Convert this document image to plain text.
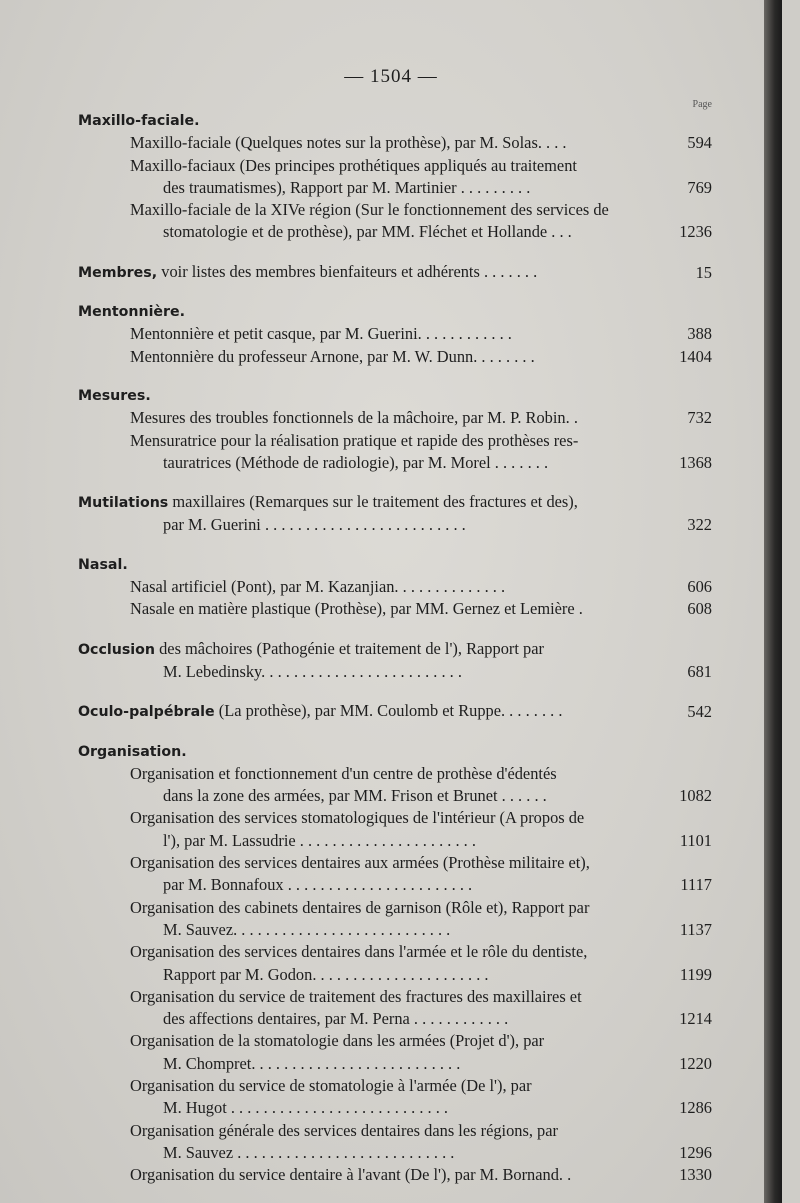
— 1504 —
Page
Maxillo-faciale.
Maxillo-faciale (Quelques notes sur la prothèse), par M. Solas. . . .	594
Maxillo-faciaux (Des principes prothétiques appliqués au traitement
des traumatismes), Rapport par M. Martinier . . . . . . . . .	769
Maxillo-faciale de la XIVe région (Sur le fonctionnement des services de
stomatologie et de prothèse), par MM. Fléchet et Hollande . . .	1236
Membres, voir listes des membres bienfaiteurs et adhérents . . . . . . .	15
Mentonnière.
Mentonnière et petit casque, par M. Guerini. . . . . . . . . . . .	388
Mentonnière du professeur Arnone, par M. W. Dunn. . . . . . . .	1404
Mesures.
Mesures des troubles fonctionnels de la mâchoire, par M. P. Robin. .	732
Mensuratrice pour la réalisation pratique et rapide des prothèses res-
tauratrices (Méthode de radiologie), par M. Morel . . . . . . .	1368
Mutilations maxillaires (Remarques sur le traitement des fractures et des),
par M. Guerini . . . . . . . . . . . . . . . . . . . . . . . . .	322
Nasal.
Nasal artificiel (Pont), par M. Kazanjian. . . . . . . . . . . . . .	606
Nasale en matière plastique (Prothèse), par MM. Gernez et Lemière .	608
Occlusion des mâchoires (Pathogénie et traitement de l'), Rapport par
M. Lebedinsky. . . . . . . . . . . . . . . . . . . . . . . . .	681
Oculo-palpébrale (La prothèse), par MM. Coulomb et Ruppe. . . . . . . .	542
Organisation.
Organisation et fonctionnement d'un centre de prothèse d'édentés
dans la zone des armées, par MM. Frison et Brunet . . . . . .	1082
Organisation des services stomatologiques de l'intérieur (A propos de
l'), par M. Lassudrie . . . . . . . . . . . . . . . . . . . . . .	1101
Organisation des services dentaires aux armées (Prothèse militaire et),
par M. Bonnafoux . . . . . . . . . . . . . . . . . . . . . . .	1117
Organisation des cabinets dentaires de garnison (Rôle et), Rapport par
M. Sauvez. . . . . . . . . . . . . . . . . . . . . . . . . . .	1137
Organisation des services dentaires dans l'armée et le rôle du dentiste,
Rapport par M. Godon. . . . . . . . . . . . . . . . . . . . . .	1199
Organisation du service de traitement des fractures des maxillaires et
des affections dentaires, par M. Perna . . . . . . . . . . . .	1214
Organisation de la stomatologie dans les armées (Projet d'), par
M. Chompret. . . . . . . . . . . . . . . . . . . . . . . . . .	1220
Organisation du service de stomatologie à l'armée (De l'), par
M. Hugot . . . . . . . . . . . . . . . . . . . . . . . . . . .	1286
Organisation générale des services dentaires dans les régions, par
M. Sauvez . . . . . . . . . . . . . . . . . . . . . . . . . . .	1296
Organisation du service dentaire à l'avant (De l'), par M. Bornand. .	1330
